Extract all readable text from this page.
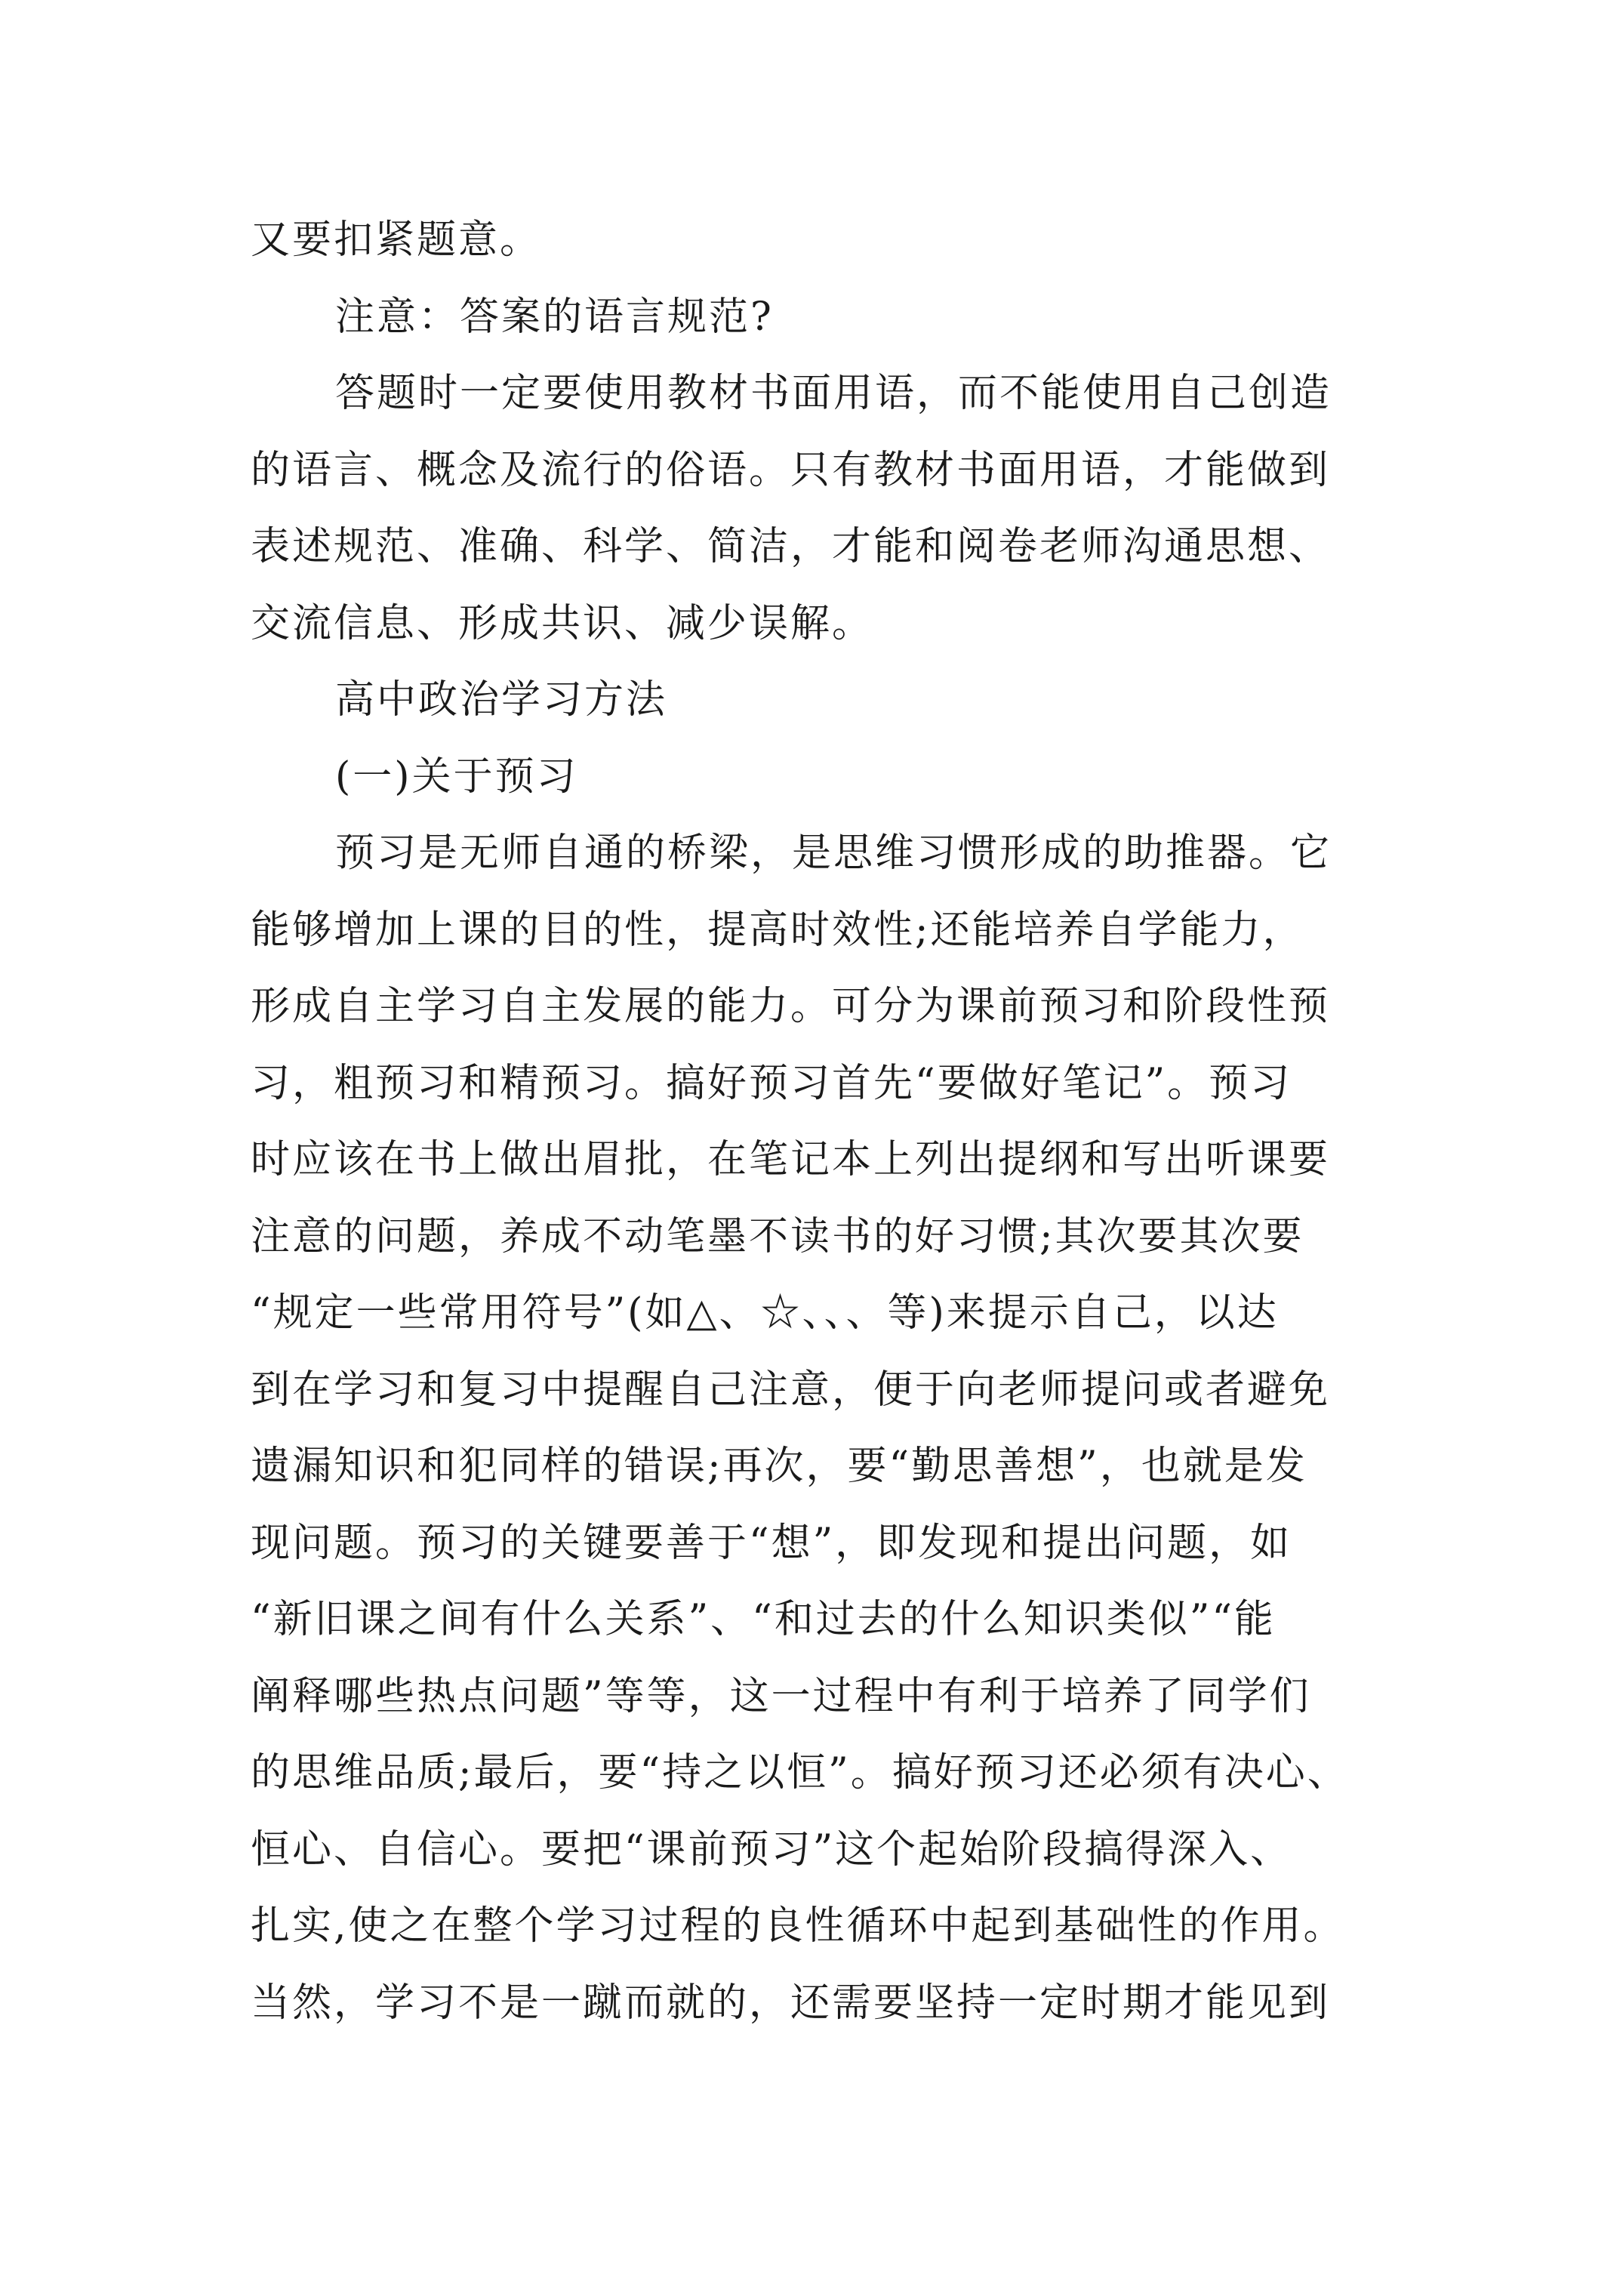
又要扣紧题意。
注意：答案的语言规范?
答题时一定要使用教材书面用语，而不能使用自己创造
的语言、概念及流行的俗语。只有教材书面用语，才能做到
表述规范、准确、科学、简洁，才能和阅卷老师沟通思想、
交流信息、形成共识、减少误解。
高中政治学习方法
(一)关于预习
预习是无师自通的桥梁，是思维习惯形成的助推器。它
能够增加上课的目的性，提高时效性;还能培养自学能力，
形成自主学习自主发展的能力。可分为课前预习和阶段性预
习，粗预习和精预习。搞好预习首先“要做好笔记”。预习
时应该在书上做出眉批，在笔记本上列出提纲和写出听课要
注意的问题，养成不动笔墨不读书的好习惯;其次要其次要
“规定一些常用符号”(如△、☆、、、等)来提示自己，以达
到在学习和复习中提醒自己注意，便于向老师提问或者避免
遗漏知识和犯同样的错误;再次，要“勤思善想”，也就是发
现问题。预习的关键要善于“想”，即发现和提出问题，如
“新旧课之间有什么关系”、“和过去的什么知识类似”“能
阐释哪些热点问题”等等，这一过程中有利于培养了同学们
的思维品质;最后，要“持之以恒”。搞好预习还必须有决心、
恒心、自信心。要把“课前预习”这个起始阶段搞得深入、
扎实,使之在整个学习过程的良性循环中起到基础性的作用。
当然，学习不是一蹴而就的，还需要坚持一定时期才能见到
